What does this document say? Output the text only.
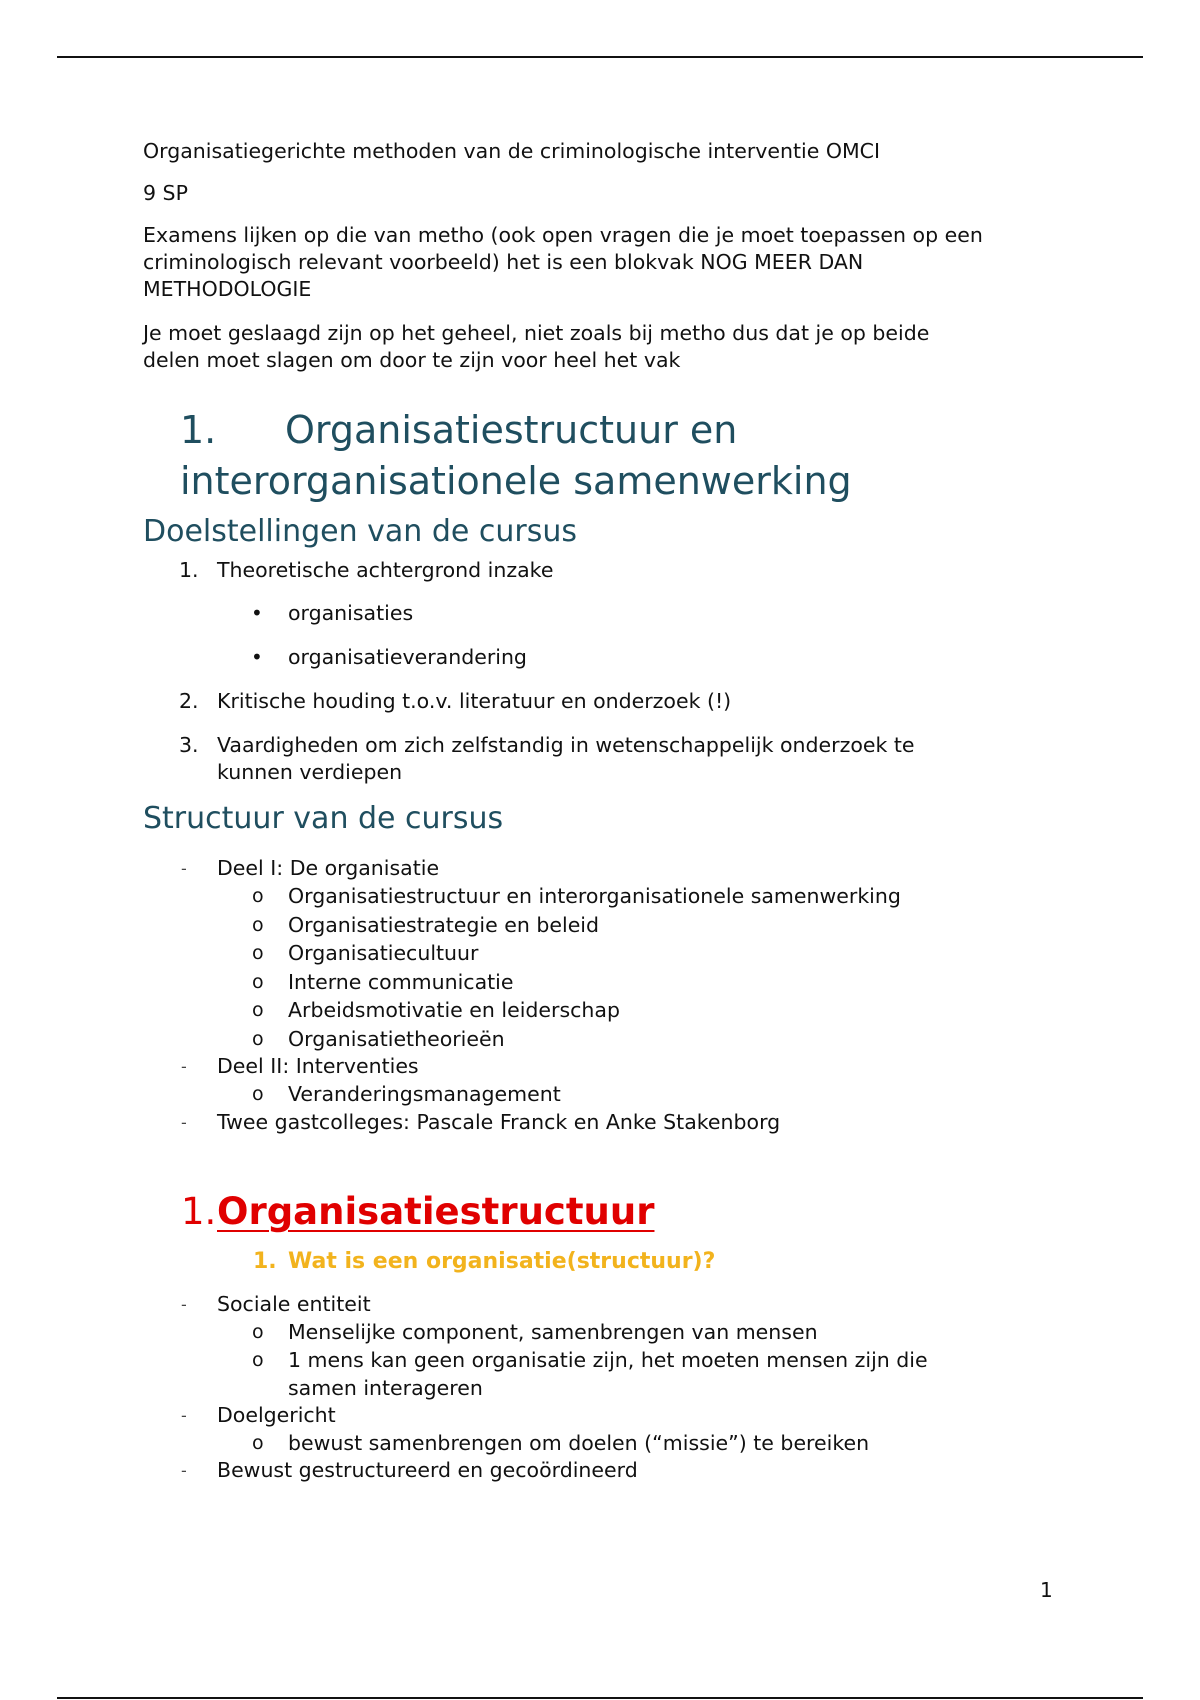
Organisatiegerichte methoden van de criminologische interventie OMCI

9 SP

Examens lijken op die van metho (ook open vragen die je moet toepassen op een

criminologisch relevant voorbeeld) het is een blokvak NOG MEER DAN

METHODOLOGIE

Je moet geslaagd zijn op het geheel, niet zoals bij metho dus dat je op beide

delen moet slagen om door te zijn voor heel het vak

1. Organisatiestructuur en

interorganisationele samenwerking

Doelstellingen van de cursus

1. Theoretische achtergrond inzake
• organisaties
• organisatieverandering
2. Kritische houding t.o.v. literatuur en onderzoek (!)
3. Vaardigheden om zich zelfstandig in wetenschappelijk onderzoek te
kunnen verdiepen

Structuur van de cursus

- Deel I: De organisatie
o Organisatiestructuur en interorganisationele samenwerking
o Organisatiestrategie en beleid
o Organisatiecultuur
o Interne communicatie
o Arbeidsmotivatie en leiderschap
o Organisatietheorieën
- Deel II: Interventies
o Veranderingsmanagement
- Twee gastcolleges: Pascale Franck en Anke Stakenborg
1. Organisatiestructuur
1. Wat is een organisatie(structuur)?
- Sociale entiteit
o Menselijke component, samenbrengen van mensen
o 1 mens kan geen organisatie zijn, het moeten mensen zijn die
samen interageren
- Doelgericht
o bewust samenbrengen om doelen (“missie”) te bereiken
- Bewust gestructureerd en gecoördineerd
1
